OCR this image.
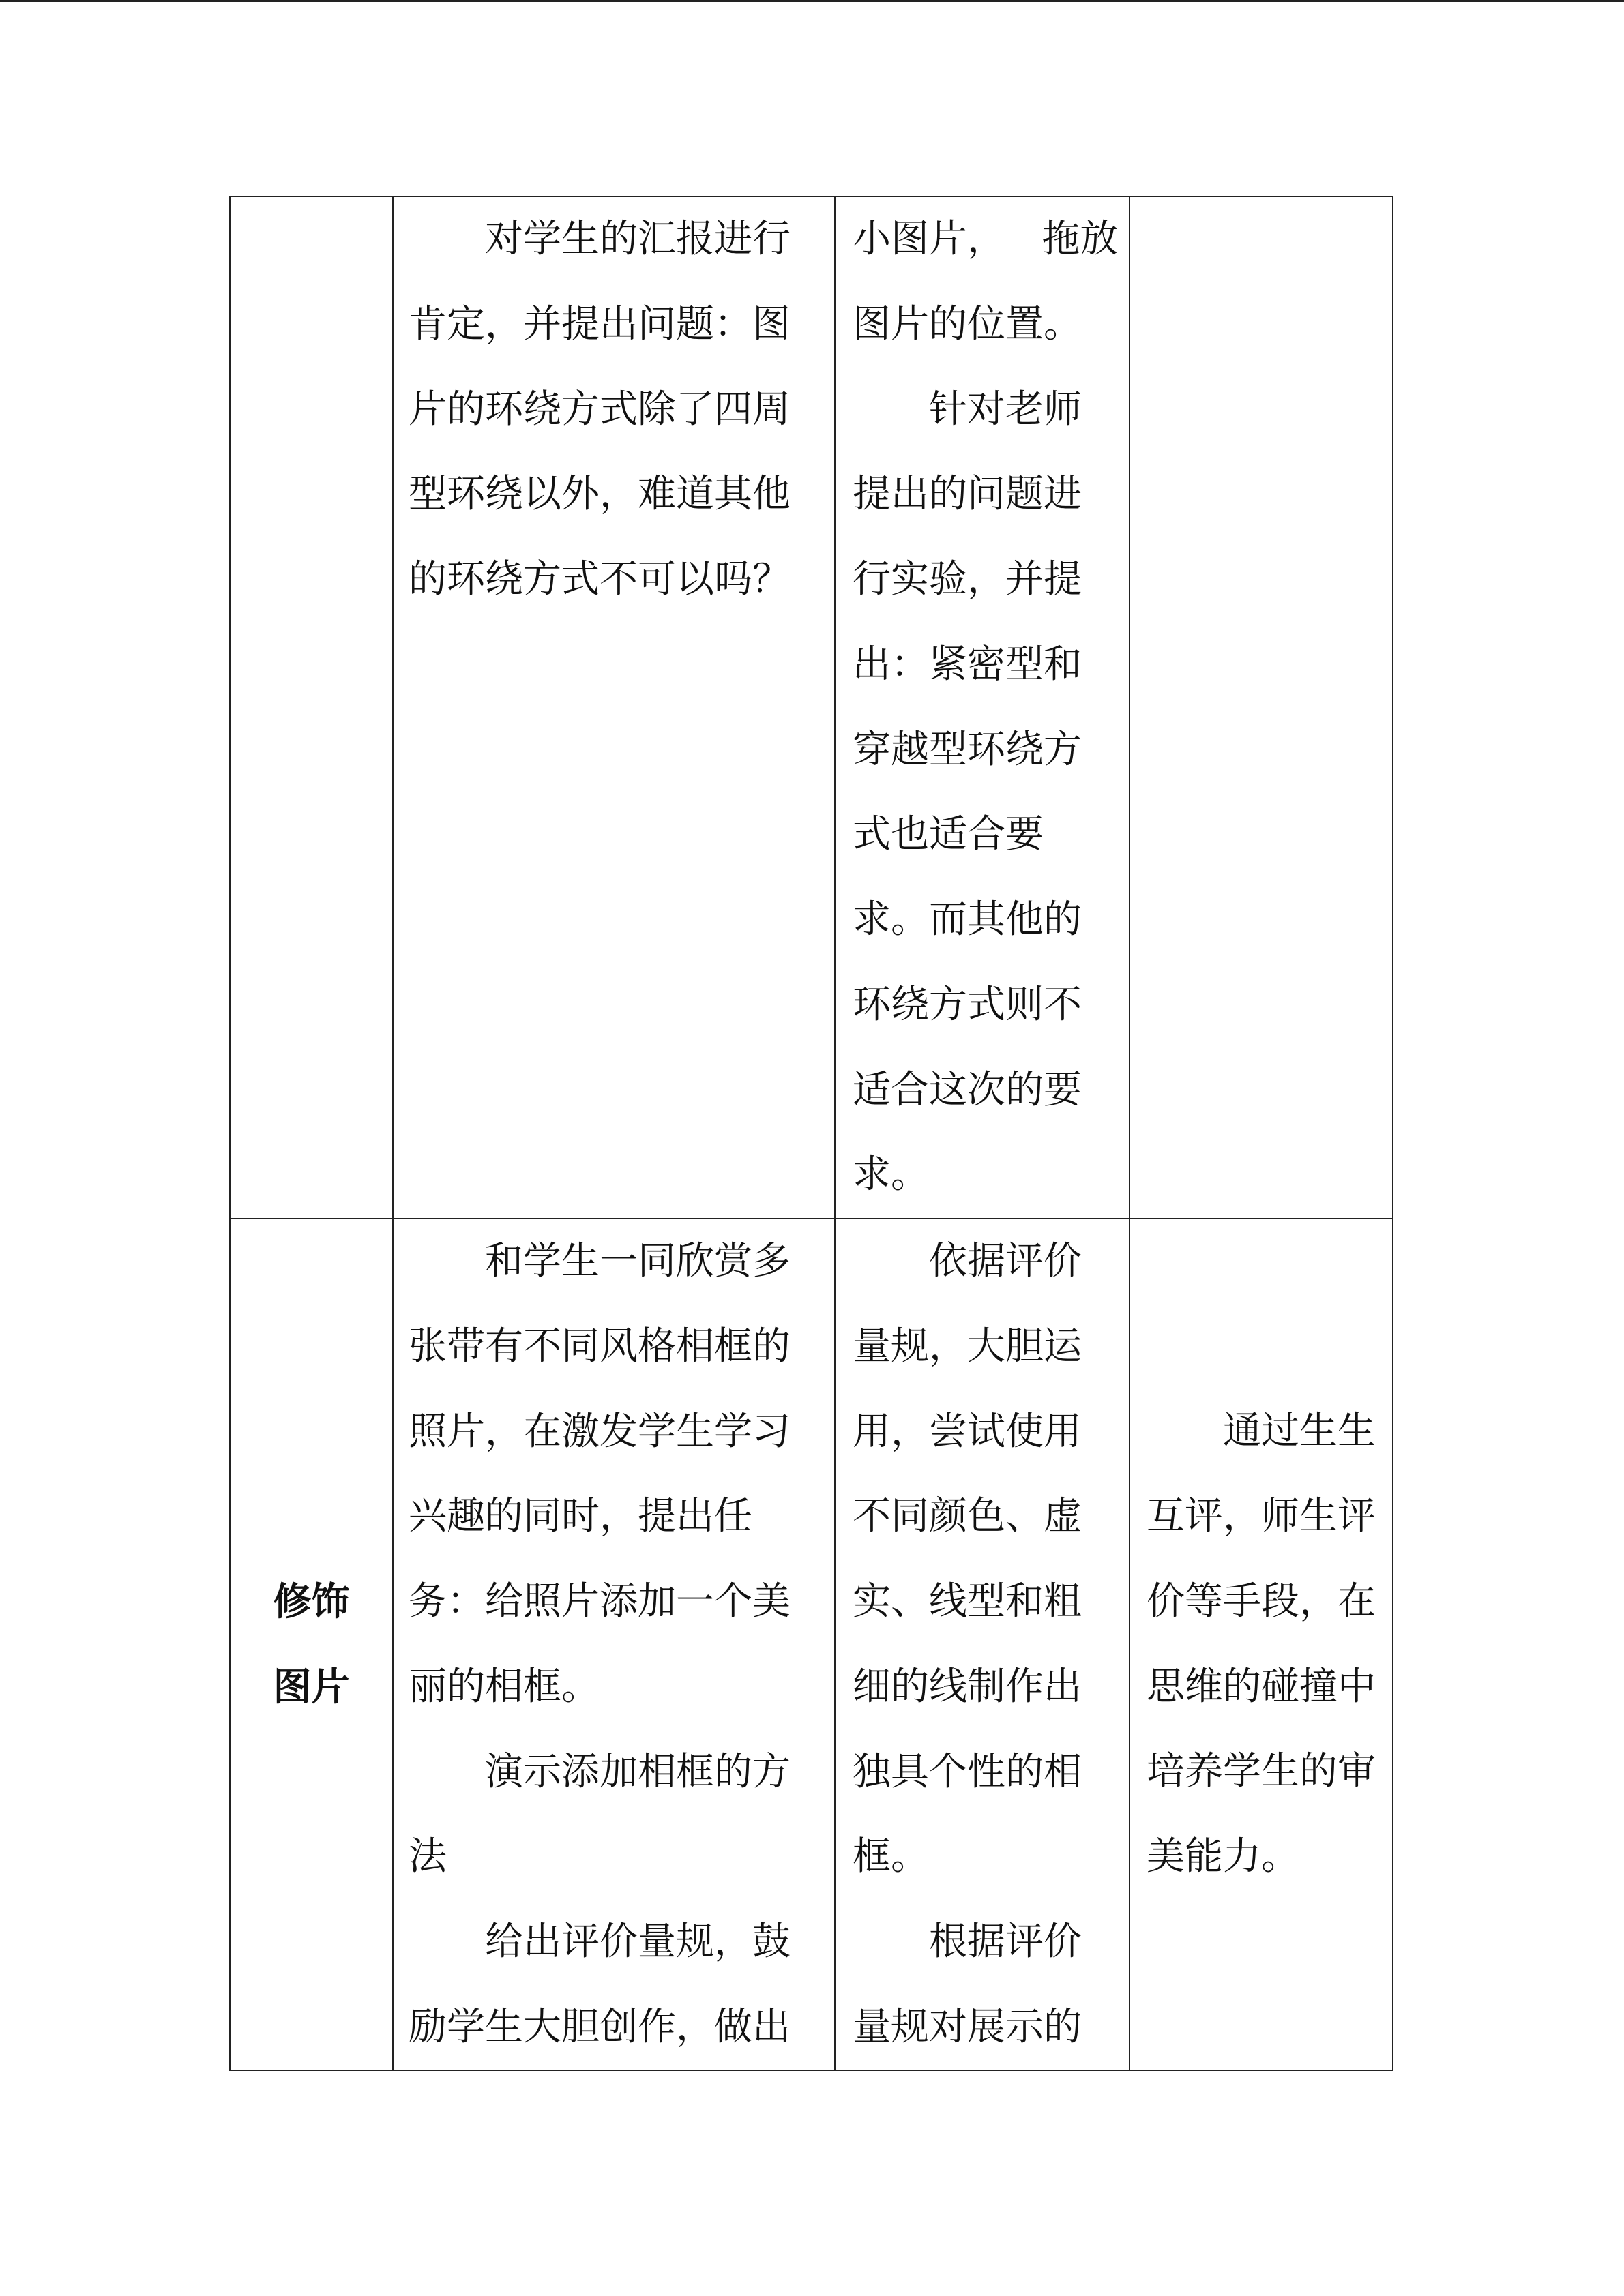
对学生的汇报进行
肯定，并提出问题：图
片的环绕方式除了四周
型环绕以外，难道其他
的环绕方式不可以吗？
小图片，   拖放
图片的位置。
针对老师
提出的问题进
行实验，并提
出：紧密型和
穿越型环绕方
式也适合要
求。而其他的
环绕方式则不
适合这次的要
求。
修饰
图片
和学生一同欣赏多
张带有不同风格相框的
照片，在激发学生学习
兴趣的同时，提出任
务：给照片添加一个美
丽的相框。
演示添加相框的方
法
给出评价量规，鼓
励学生大胆创作，做出
依据评价
量规，大胆运
用，尝试使用
不同颜色、虚
实、线型和粗
细的线制作出
独具个性的相
框。
根据评价
量规对展示的
通过生生
互评，师生评
价等手段，在
思维的碰撞中
培养学生的审
美能力。
